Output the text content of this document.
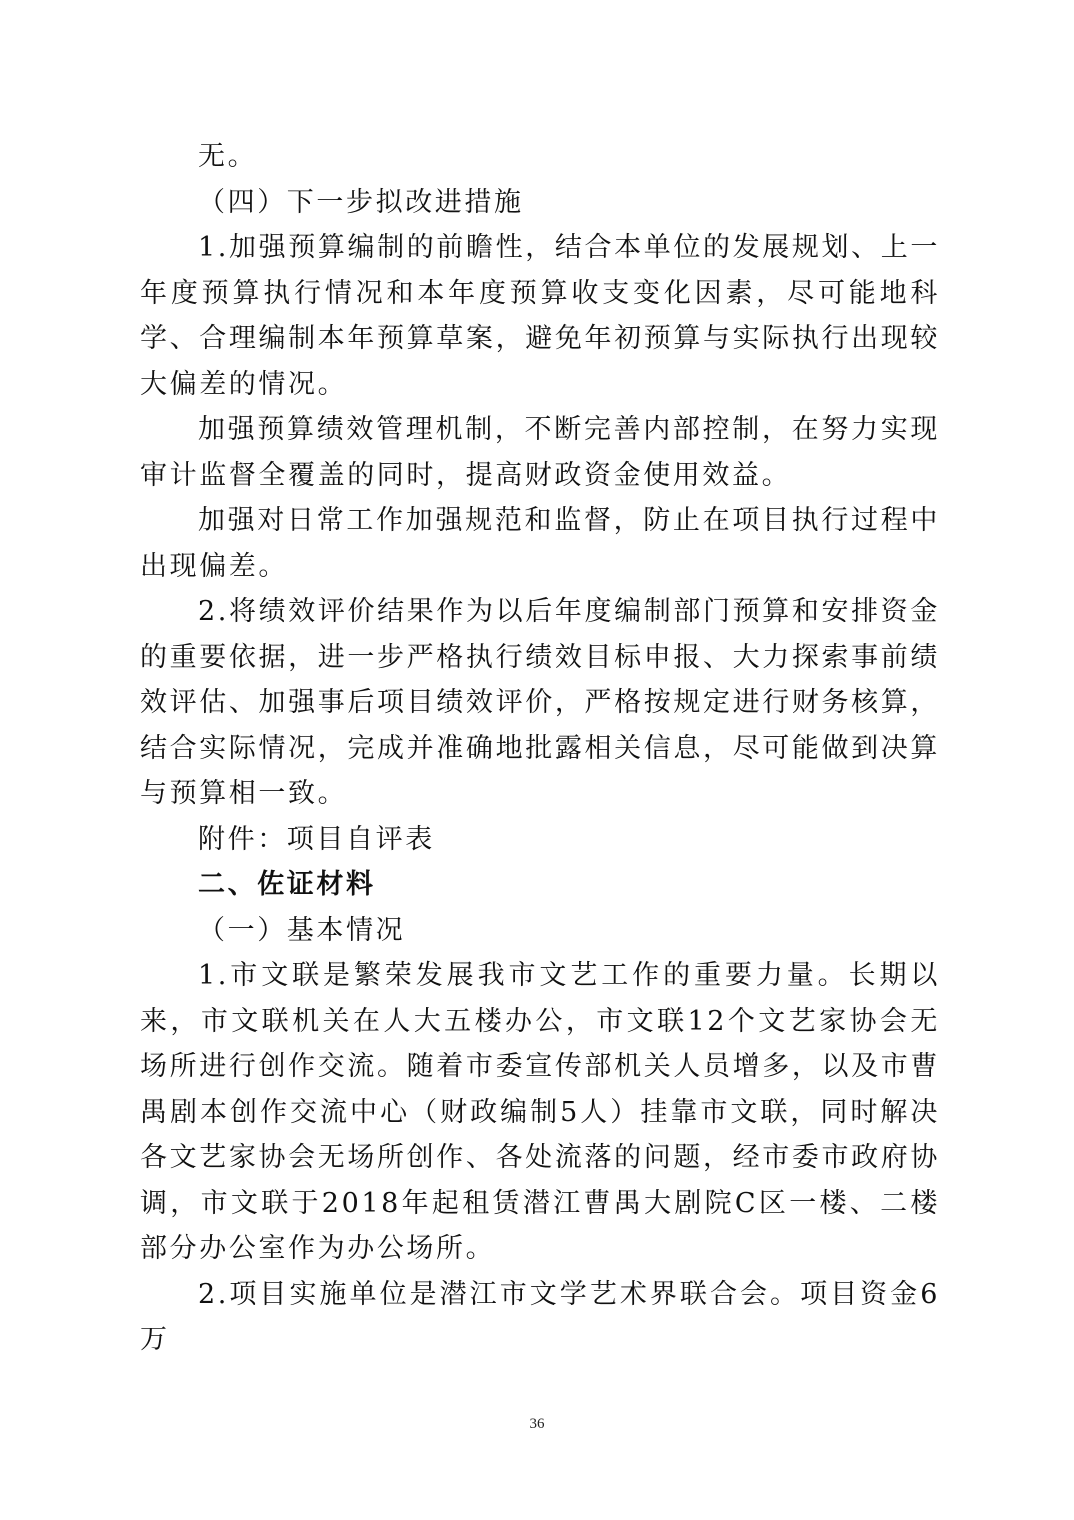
无。

（四）下一步拟改进措施

1.加强预算编制的前瞻性，结合本单位的发展规划、上一年度预算执行情况和本年度预算收支变化因素，尽可能地科学、合理编制本年预算草案，避免年初预算与实际执行出现较大偏差的情况。

加强预算绩效管理机制，不断完善内部控制，在努力实现审计监督全覆盖的同时，提高财政资金使用效益。

加强对日常工作加强规范和监督，防止在项目执行过程中出现偏差。

2.将绩效评价结果作为以后年度编制部门预算和安排资金的重要依据，进一步严格执行绩效目标申报、大力探索事前绩效评估、加强事后项目绩效评价，严格按规定进行财务核算，结合实际情况，完成并准确地批露相关信息，尽可能做到决算与预算相一致。

附件：项目自评表

二、佐证材料

（一）基本情况

1.市文联是繁荣发展我市文艺工作的重要力量。长期以来，市文联机关在人大五楼办公，市文联12个文艺家协会无场所进行创作交流。随着市委宣传部机关人员增多，以及市曹禺剧本创作交流中心（财政编制5人）挂靠市文联，同时解决各文艺家协会无场所创作、各处流落的问题，经市委市政府协调，市文联于2018年起租赁潜江曹禺大剧院C区一楼、二楼部分办公室作为办公场所。

2.项目实施单位是潜江市文学艺术界联合会。项目资金6万

36
